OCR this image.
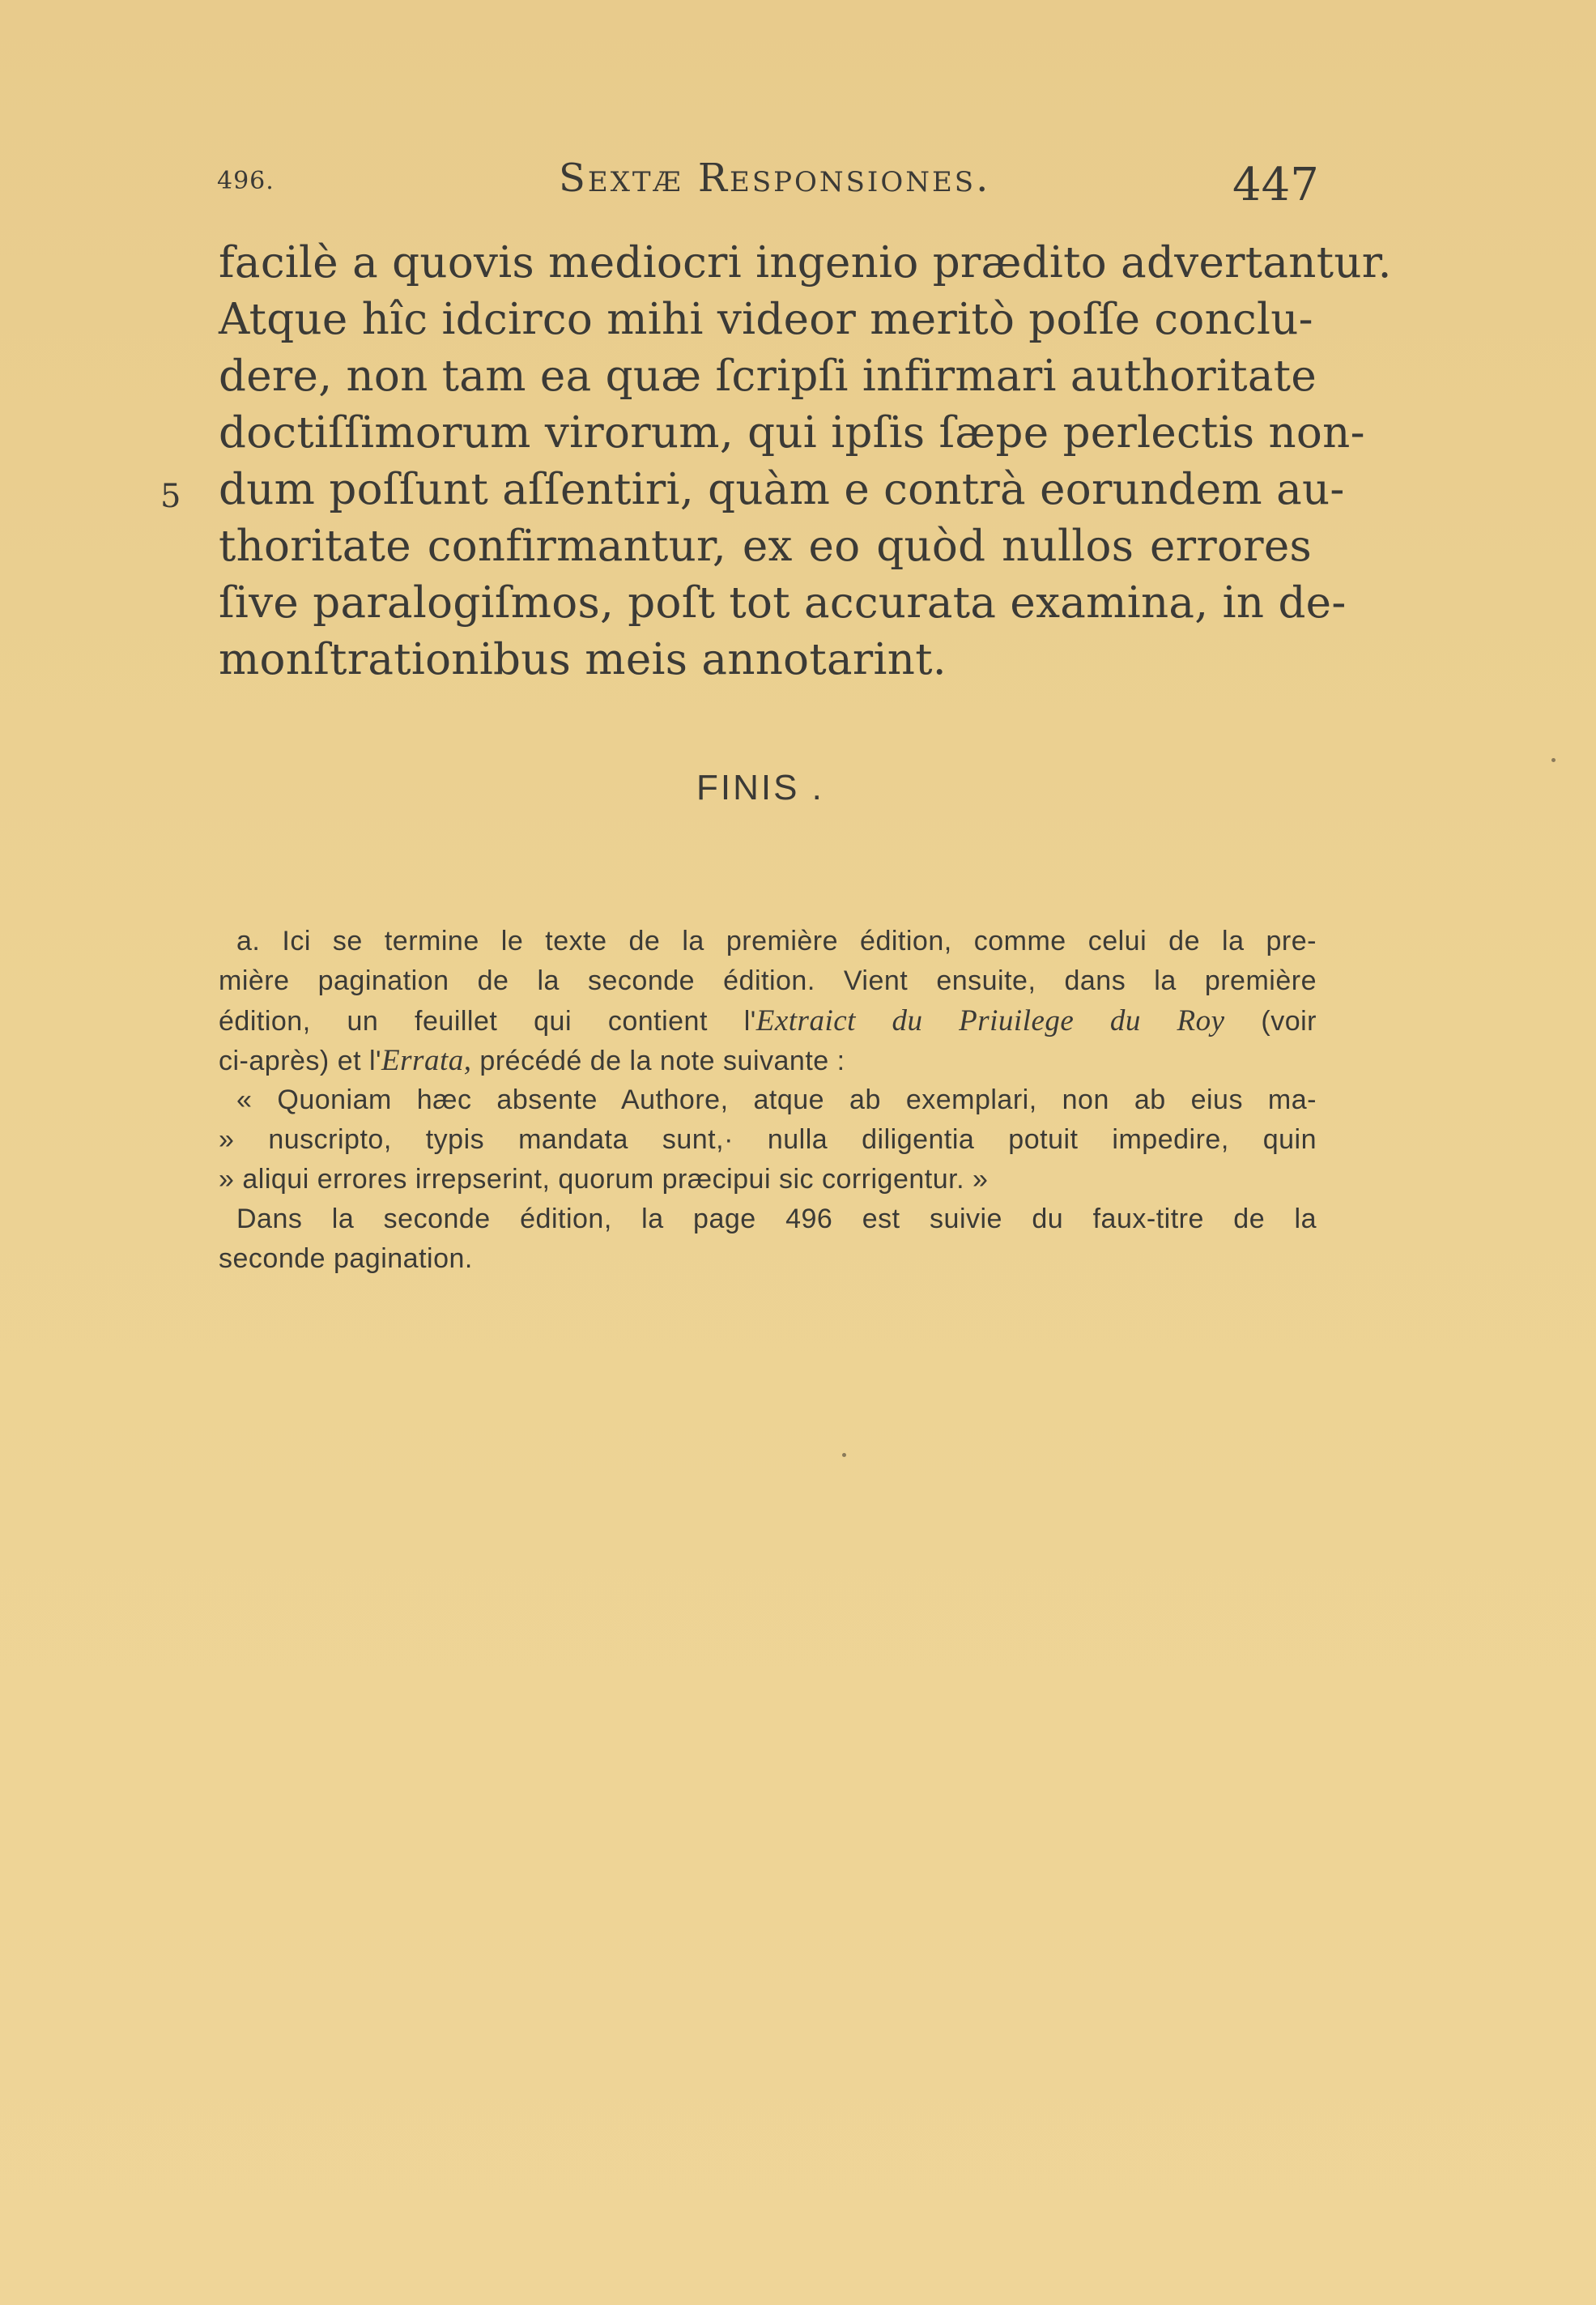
496.	Sextæ Responsiones.	447
facilè a quovis mediocri ingenio prædito advertantur.
Atque hîc idcirco mihi videor meritò poſſe conclu-
dere, non tam ea quæ ſcripſi infirmari authoritate
doctiſſimorum virorum, qui ipſis ſæpe perlectis non-
dum poſſunt aſſentiri, quàm e contrà eorundem au-
thoritate confirmantur, ex eo quòd nullos errores
ſive paralogiſmos, poſt tot accurata examina, in de-
monſtrationibus meis annotarint.
5
FINIS .
a. Ici se termine le texte de la première édition, comme celui de la pre-
mière pagination de la seconde édition. Vient ensuite, dans la première
édition, un feuillet qui contient l'Extraict du Priuilege du Roy (voir
ci-après) et l'Errata, précédé de la note suivante :
« Quoniam hæc absente Authore, atque ab exemplari, non ab eius ma-
» nuscripto, typis mandata sunt,· nulla diligentia potuit impedire, quin
» aliqui errores irrepserint, quorum præcipui sic corrigentur. »
Dans la seconde édition, la page 496 est suivie du faux-titre de la
seconde pagination.
